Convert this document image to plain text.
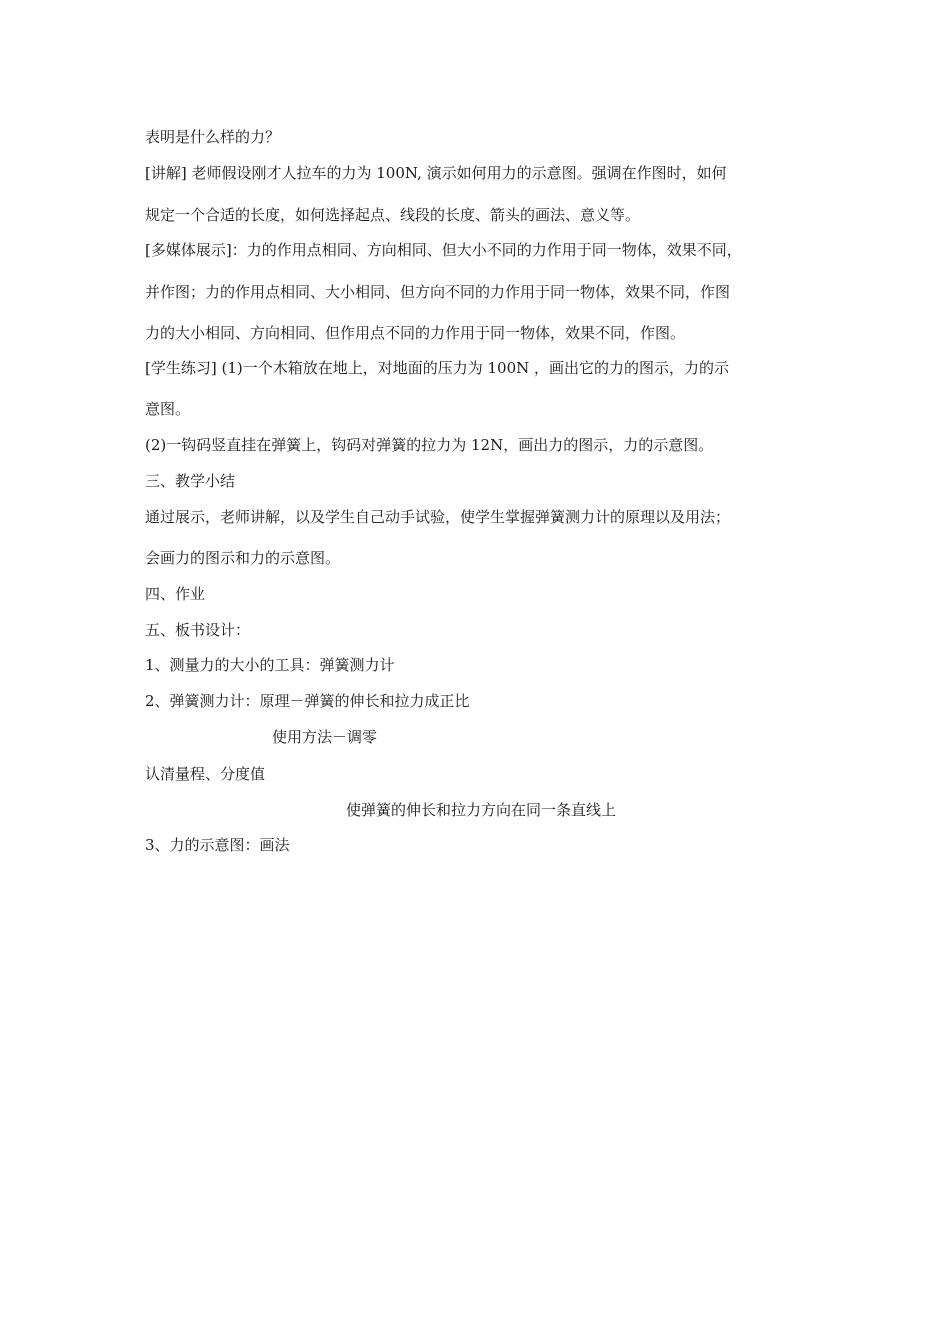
表明是什么样的力？
[讲解] 老师假设刚才人拉车的力为 100N, 演示如何用力的示意图。强调在作图时，如何
规定一个合适的长度，如何选择起点、线段的长度、箭头的画法、意义等。
[多媒体展示]：力的作用点相同、方向相同、但大小不同的力作用于同一物体，效果不同，
并作图；力的作用点相同、大小相同、但方向不同的力作用于同一物体，效果不同，作图
力的大小相同、方向相同、但作用点不同的力作用于同一物体，效果不同，作图。
[学生练习] (1)一个木箱放在地上，对地面的压力为 100N ，画出它的力的图示，力的示
意图。
(2)一钩码竖直挂在弹簧上，钩码对弹簧的拉力为 12N，画出力的图示，力的示意图。
三、教学小结
通过展示，老师讲解，以及学生自己动手试验，使学生掌握弹簧测力计的原理以及用法；
会画力的图示和力的示意图。
四、作业
五、板书设计：
1、测量力的大小的工具：弹簧测力计
2、弹簧测力计：原理－弹簧的伸长和拉力成正比
使用方法－调零
认清量程、分度值
使弹簧的伸长和拉力方向在同一条直线上
3、力的示意图：画法
